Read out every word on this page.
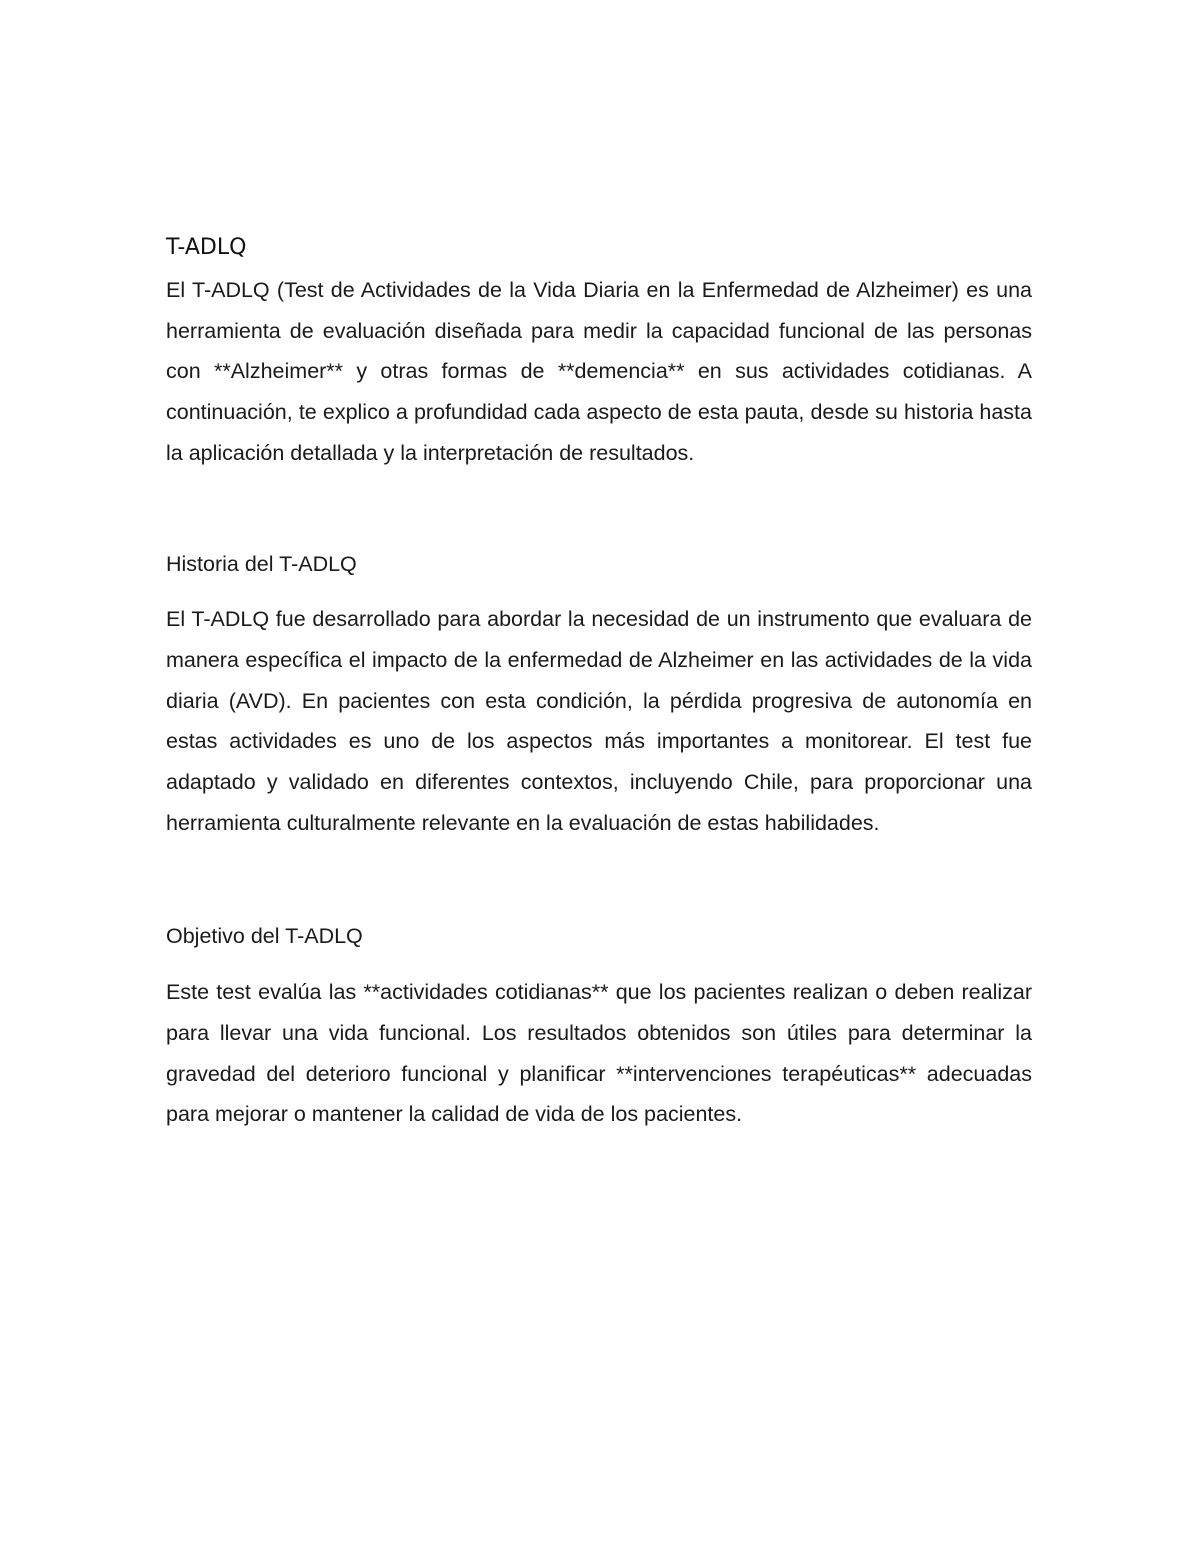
T-ADLQ

El T-ADLQ (Test de Actividades de la Vida Diaria en la Enfermedad de Alzheimer) es una herramienta de evaluación diseñada para medir la capacidad funcional de las personas con **Alzheimer** y otras formas de **demencia** en sus actividades cotidianas. A continuación, te explico a profundidad cada aspecto de esta pauta, desde su historia hasta la aplicación detallada y la interpretación de resultados.

Historia del T-ADLQ

El T-ADLQ fue desarrollado para abordar la necesidad de un instrumento que evaluara de manera específica el impacto de la enfermedad de Alzheimer en las actividades de la vida diaria (AVD). En pacientes con esta condición, la pérdida progresiva de autonomía en estas actividades es uno de los aspectos más importantes a monitorear. El test fue adaptado y validado en diferentes contextos, incluyendo Chile, para proporcionar una herramienta culturalmente relevante en la evaluación de estas habilidades.

Objetivo del T-ADLQ

Este test evalúa las **actividades cotidianas** que los pacientes realizan o deben realizar para llevar una vida funcional. Los resultados obtenidos son útiles para determinar la gravedad del deterioro funcional y planificar **intervenciones terapéuticas** adecuadas para mejorar o mantener la calidad de vida de los pacientes.
